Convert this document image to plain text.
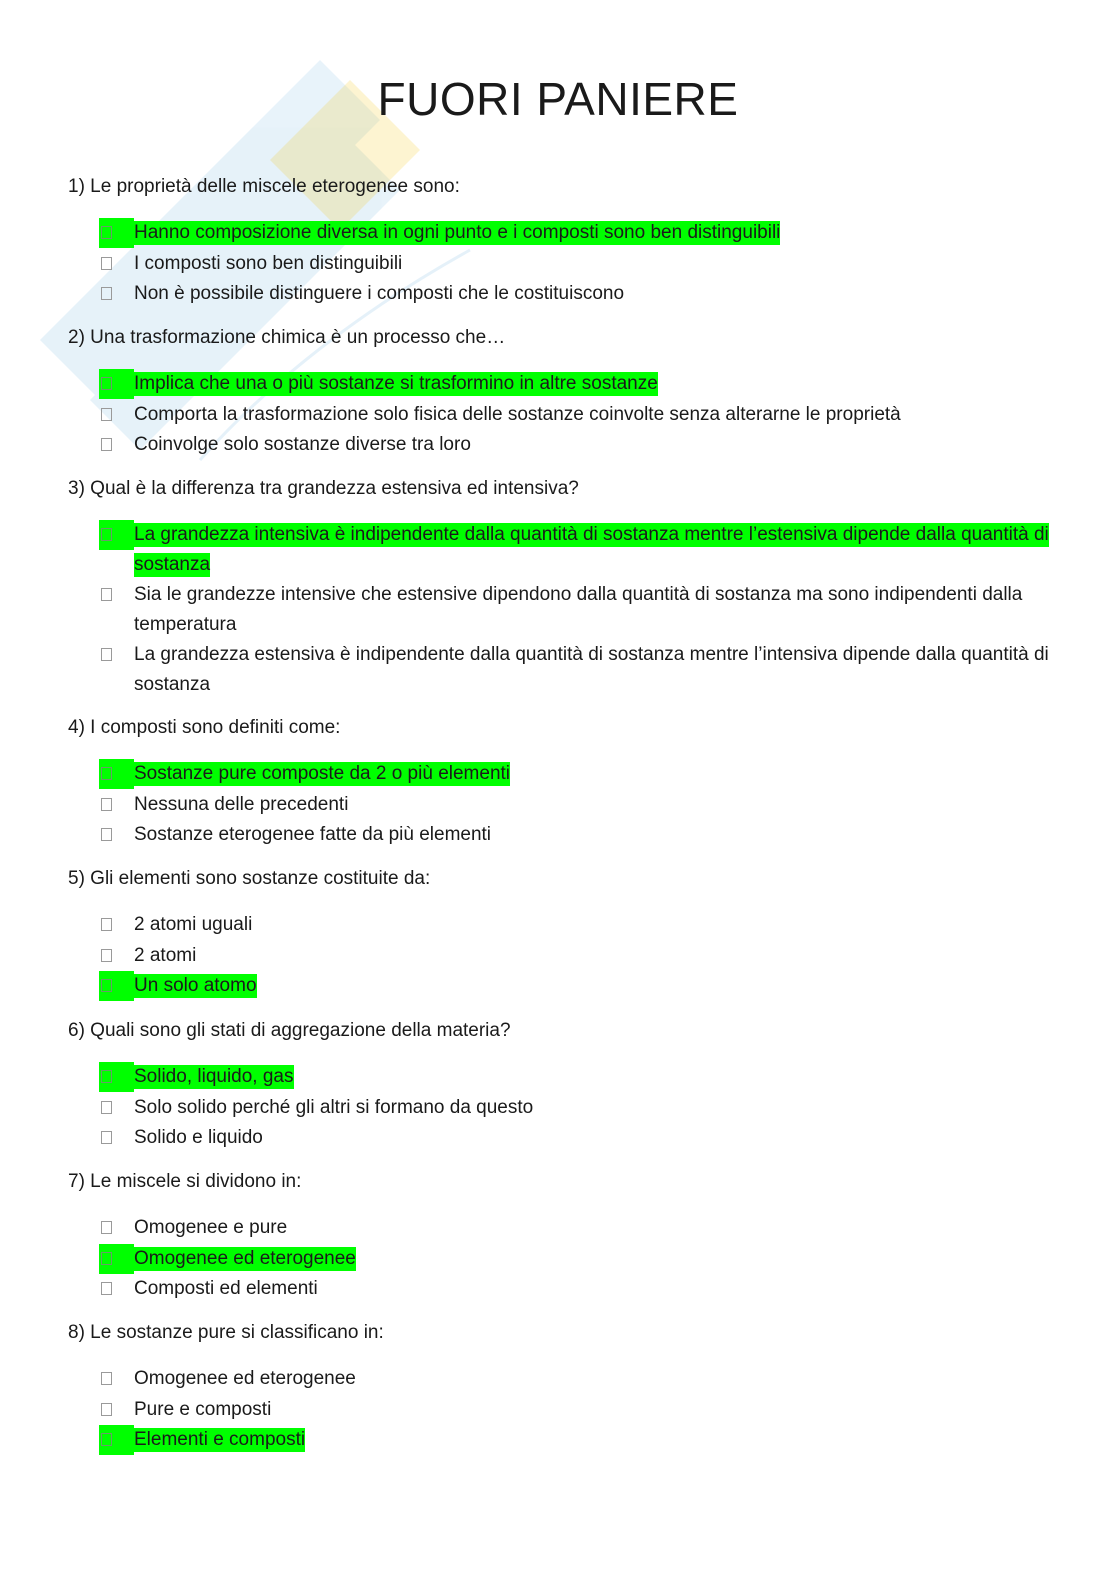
FUORI PANIERE

1) Le proprietà delle miscele eterogenee sono:

Hanno composizione diversa in ogni punto e i composti sono ben distinguibili
I composti sono ben distinguibili
Non è possibile distinguere i composti che le costituiscono

2) Una trasformazione chimica è un processo che…

Implica che una o più sostanze si trasformino in altre sostanze
Comporta la trasformazione solo fisica delle sostanze coinvolte senza alterarne le proprietà
Coinvolge solo sostanze diverse tra loro

3) Qual è la differenza tra grandezza estensiva ed intensiva?

La grandezza intensiva è indipendente dalla quantità di sostanza mentre l’estensiva dipende dalla quantità di sostanza
Sia le grandezze intensive che estensive dipendono dalla quantità di sostanza ma sono indipendenti dalla temperatura
La grandezza estensiva è indipendente dalla quantità di sostanza mentre l’intensiva dipende dalla quantità di sostanza

4) I composti sono definiti come:

Sostanze pure composte da 2 o più elementi
Nessuna delle precedenti
Sostanze eterogenee fatte da più elementi

5) Gli elementi sono sostanze costituite da:

2 atomi uguali
2 atomi
Un solo atomo

6) Quali sono gli stati di aggregazione della materia?

Solido, liquido, gas
Solo solido perché gli altri si formano da questo
Solido e liquido

7) Le miscele si dividono in:

Omogenee e pure
Omogenee ed eterogenee
Composti ed elementi

8) Le sostanze pure si classificano in:

Omogenee ed eterogenee
Pure e composti
Elementi e composti
